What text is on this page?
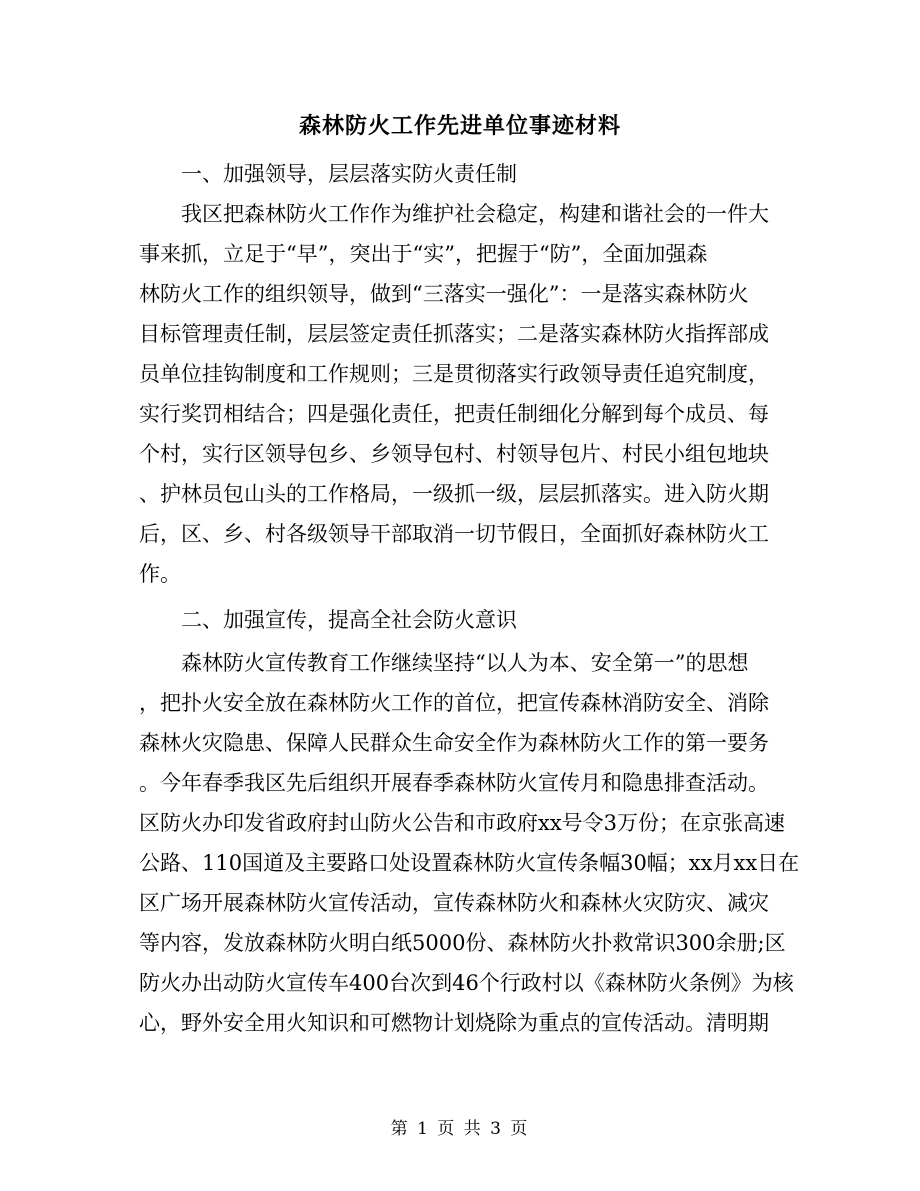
森林防火工作先进单位事迹材料

　　一、加强领导，层层落实防火责任制

　　我区把森林防火工作作为维护社会稳定，构建和谐社会的一件大

事来抓，立足于“早”，突出于“实”，把握于“防”，全面加强森

林防火工作的组织领导，做到“三落实一强化”：一是落实森林防火

目标管理责任制，层层签定责任抓落实；二是落实森林防火指挥部成

员单位挂钩制度和工作规则；三是贯彻落实行政领导责任追究制度，

实行奖罚相结合；四是强化责任，把责任制细化分解到每个成员、每

个村，实行区领导包乡、乡领导包村、村领导包片、村民小组包地块

、护林员包山头的工作格局，一级抓一级，层层抓落实。进入防火期

后，区、乡、村各级领导干部取消一切节假日，全面抓好森林防火工

作。

　　二、加强宣传，提高全社会防火意识

　　森林防火宣传教育工作继续坚持“以人为本、安全第一”的思想

，把扑火安全放在森林防火工作的首位，把宣传森林消防安全、消除

森林火灾隐患、保障人民群众生命安全作为森林防火工作的第一要务

。今年春季我区先后组织开展春季森林防火宣传月和隐患排查活动。

区防火办印发省政府封山防火公告和市政府xx号令3万份；在京张高速

公路、110国道及主要路口处设置森林防火宣传条幅30幅；xx月xx日在

区广场开展森林防火宣传活动，宣传森林防火和森林火灾防灾、减灾

等内容，发放森林防火明白纸5000份、森林防火扑救常识300余册;区

防火办出动防火宣传车400台次到46个行政村以《森林防火条例》为核

心，野外安全用火知识和可燃物计划烧除为重点的宣传活动。清明期

第 1 页 共 3 页
